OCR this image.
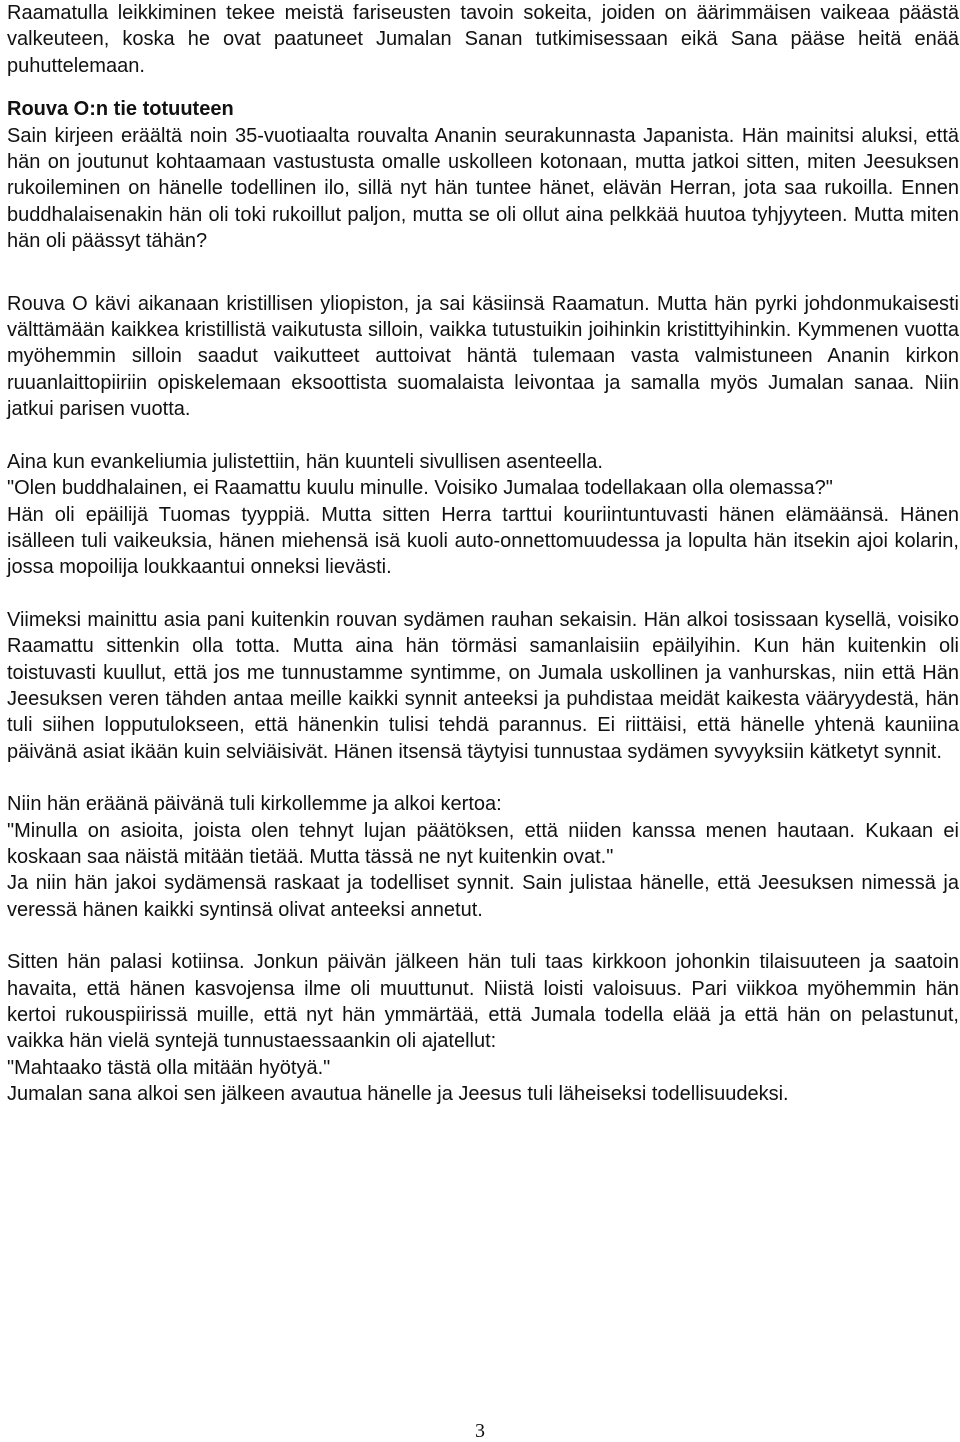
Raamatulla leikkiminen tekee meistä fariseusten tavoin sokeita, joiden on äärimmäisen vaikeaa päästä valkeuteen, koska he ovat paatuneet Jumalan Sanan tutkimisessaan eikä Sana pääse heitä enää puhuttelemaan.

Rouva O:n tie totuuteen

Sain kirjeen eräältä noin 35-vuotiaalta rouvalta Ananin seurakunnasta Japanista. Hän mainitsi aluksi, että hän on joutunut kohtaamaan vastustusta omalle uskolleen kotonaan, mutta jatkoi sitten, miten Jeesuksen rukoileminen on hänelle todellinen ilo, sillä nyt hän tuntee hänet, elävän Herran, jota saa rukoilla. Ennen buddhalaisenakin hän oli toki rukoillut paljon, mutta se oli ollut aina pelkkää huutoa tyhjyyteen. Mutta miten hän oli päässyt tähän?

Rouva O kävi aikanaan kristillisen yliopiston, ja sai käsiinsä Raamatun. Mutta hän pyrki johdonmukaisesti välttämään kaikkea kristillistä vaikutusta silloin, vaikka tutustuikin joihinkin kristittyihinkin. Kymmenen vuotta myöhemmin silloin saadut vaikutteet auttoivat häntä tulemaan vasta valmistuneen Ananin kirkon ruuanlaittopiiriin opiskelemaan eksoottista suomalaista leivontaa ja samalla myös Jumalan sanaa. Niin jatkui parisen vuotta.

Aina kun evankeliumia julistettiin, hän kuunteli sivullisen asenteella.

"Olen buddhalainen, ei Raamattu kuulu minulle. Voisiko Jumalaa todellakaan olla olemassa?"

Hän oli epäilijä Tuomas tyyppiä. Mutta sitten Herra tarttui kouriintuntuvasti hänen elämäänsä. Hänen isälleen tuli vaikeuksia, hänen miehensä isä kuoli auto-onnettomuudessa ja lopulta hän itsekin ajoi kolarin, jossa mopoilija loukkaantui onneksi lievästi.

Viimeksi mainittu asia pani kuitenkin rouvan sydämen rauhan sekaisin. Hän alkoi tosissaan kysellä, voisiko Raamattu sittenkin olla totta. Mutta aina hän törmäsi samanlaisiin epäilyihin. Kun hän kuitenkin oli toistuvasti kuullut, että jos me tunnustamme syntimme, on Jumala uskollinen ja vanhurskas, niin että Hän Jeesuksen veren tähden antaa meille kaikki synnit anteeksi ja puhdistaa meidät kaikesta vääryydestä, hän tuli siihen lopputulokseen, että hänenkin tulisi tehdä parannus. Ei riittäisi, että hänelle yhtenä kauniina päivänä asiat ikään kuin selviäisivät. Hänen itsensä täytyisi tunnustaa sydämen syvyyksiin kätketyt synnit.

Niin hän eräänä päivänä tuli kirkollemme ja alkoi kertoa:

"Minulla on asioita, joista olen tehnyt lujan päätöksen, että niiden kanssa menen hautaan. Kukaan ei koskaan saa näistä mitään tietää. Mutta tässä ne nyt kuitenkin ovat."

Ja niin hän jakoi sydämensä raskaat ja todelliset synnit. Sain julistaa hänelle, että Jeesuksen nimessä ja veressä hänen kaikki syntinsä olivat anteeksi annetut.

Sitten hän palasi kotiinsa. Jonkun päivän jälkeen hän tuli taas kirkkoon johonkin tilaisuuteen ja saatoin havaita, että hänen kasvojensa ilme oli muuttunut. Niistä loisti valoisuus. Pari viikkoa myöhemmin hän kertoi rukouspiirissä muille, että nyt hän ymmärtää, että Jumala todella elää ja että hän on pelastunut, vaikka hän vielä syntejä tunnustaessaankin oli ajatellut:

"Mahtaako tästä olla mitään hyötyä."

Jumalan sana alkoi sen jälkeen avautua hänelle ja Jeesus tuli läheiseksi todellisuudeksi.

3
